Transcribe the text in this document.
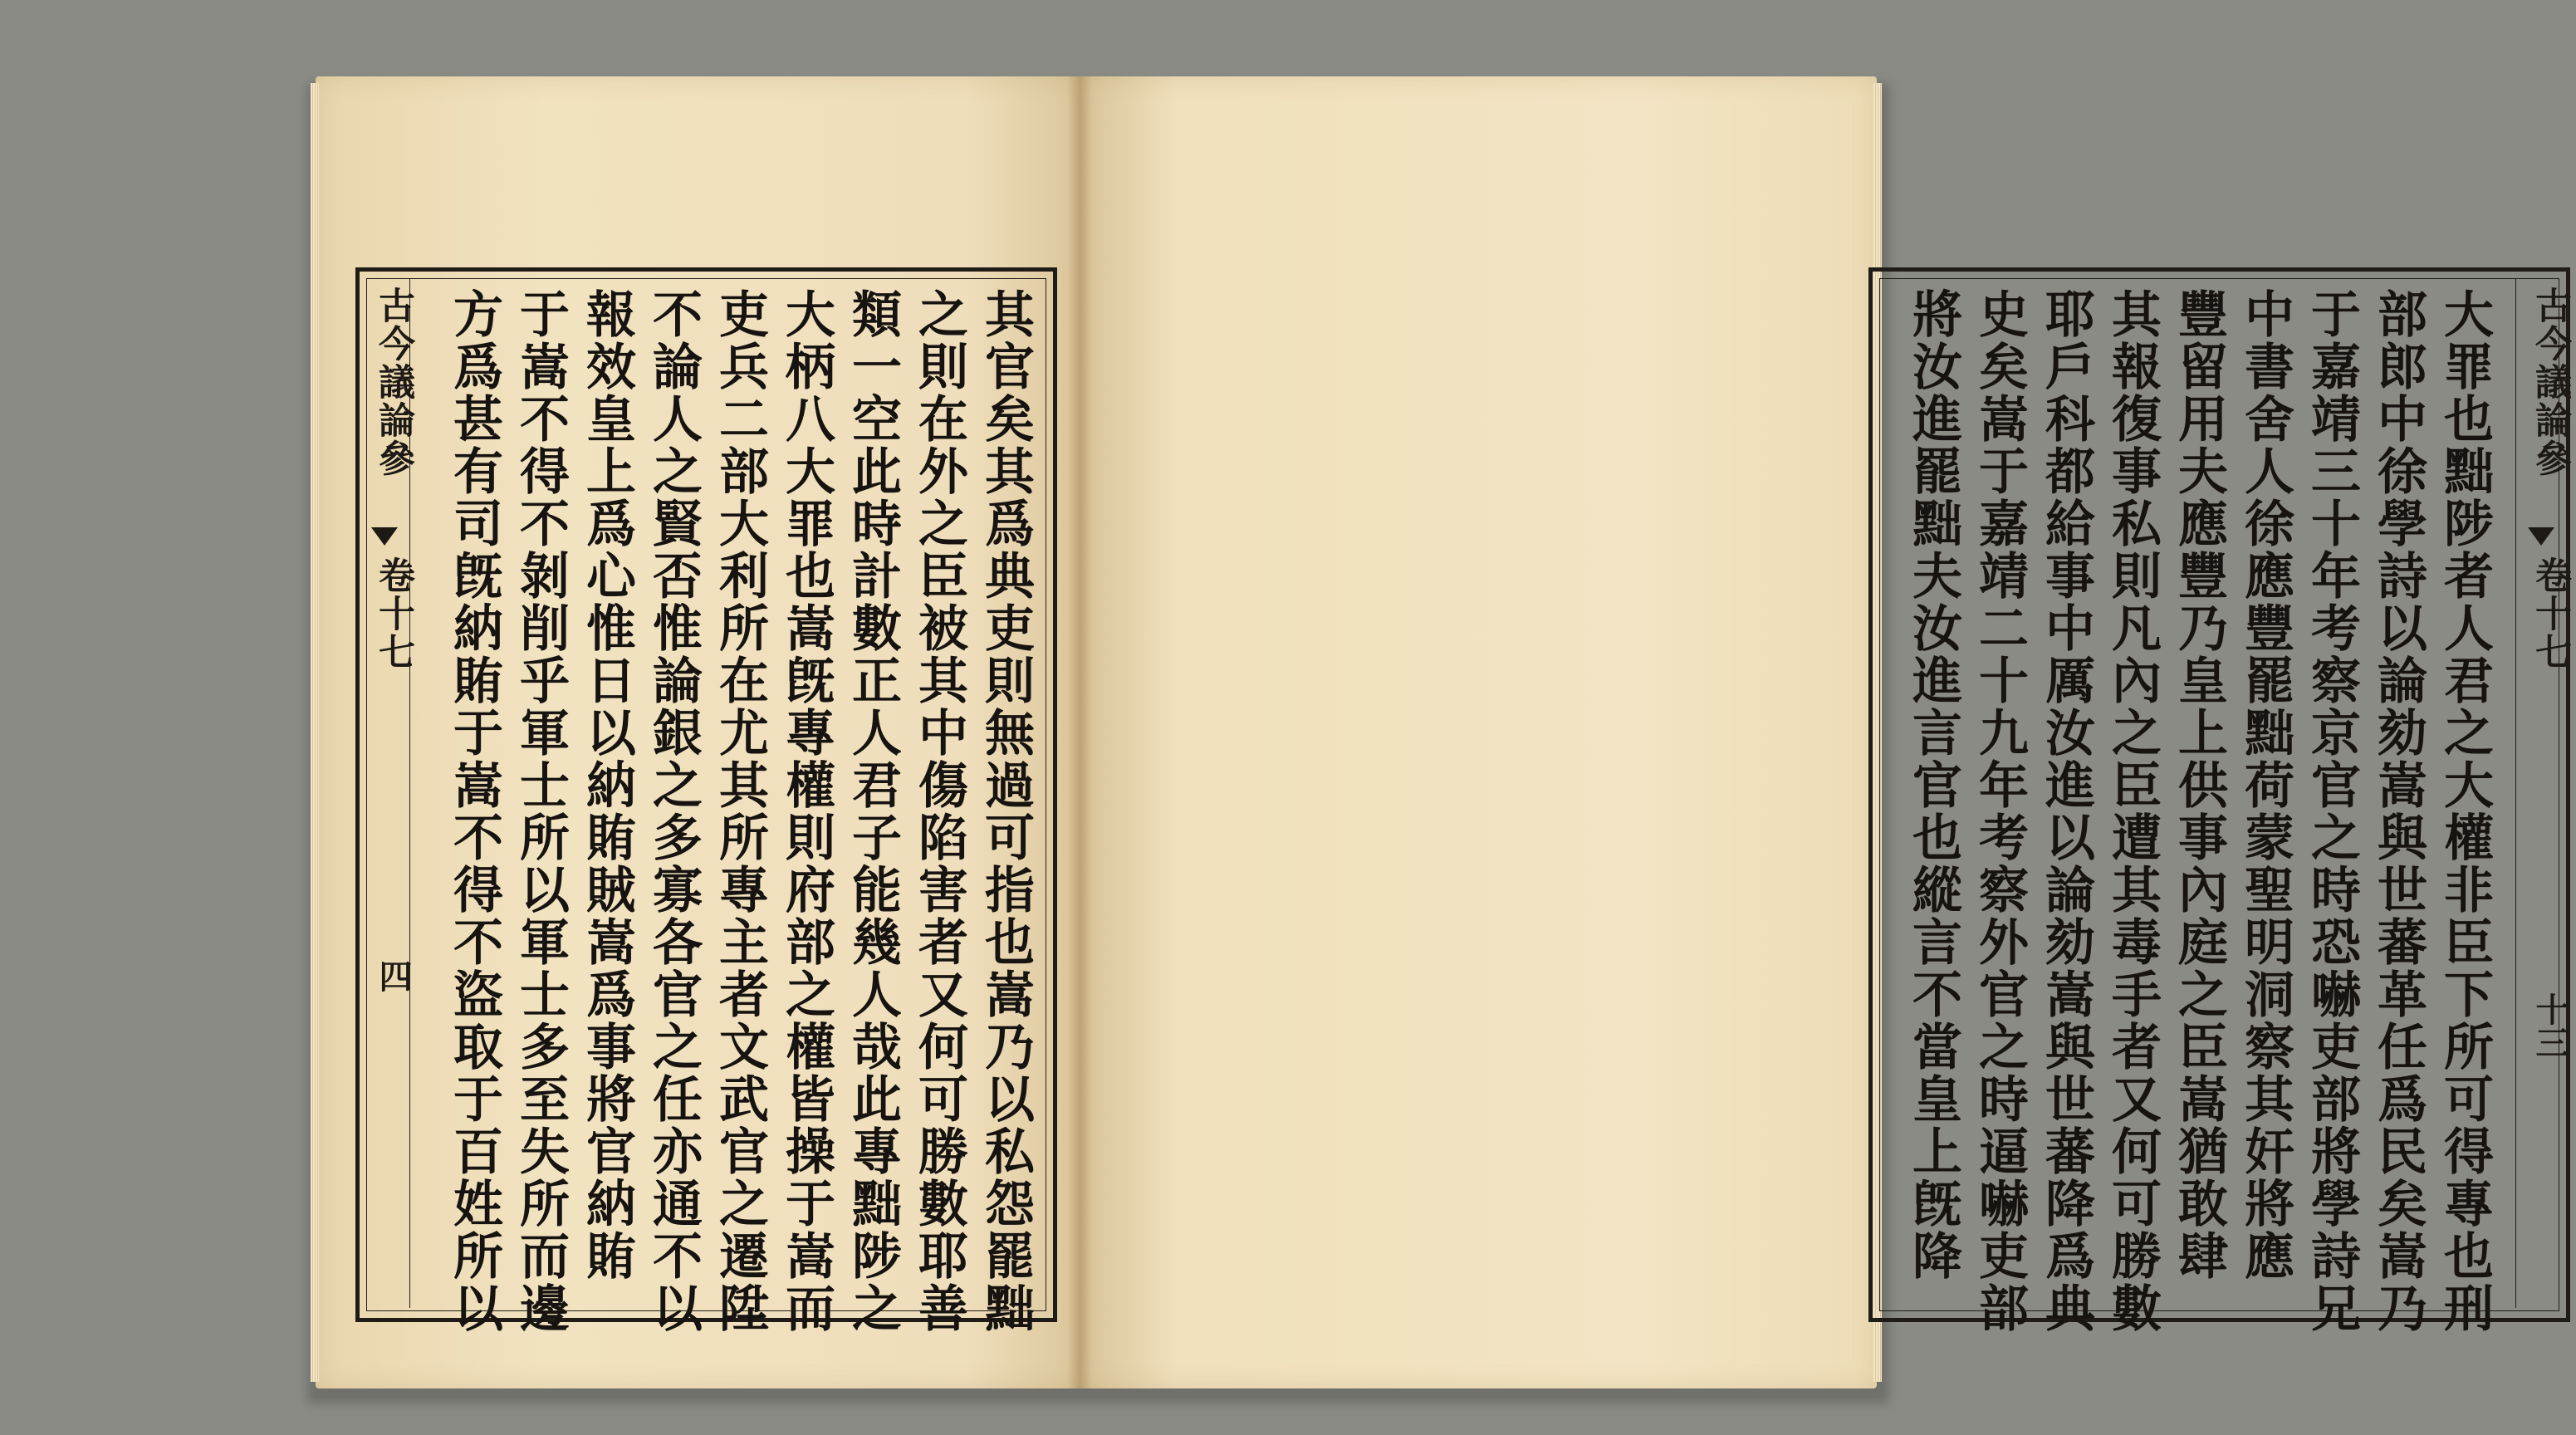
古今議論參
卷十七
四	其官矣其爲典吏則無過可指也嵩乃以私怨罷黜
之則在外之臣被其中傷陷害者又何可勝數耶善
類一空此時計數正人君子能幾人哉此專黜陟之
大柄八大罪也嵩旣專權則府部之權皆操于嵩而
吏兵二部大利所在尤其所專主者文武官之遷陞
不論人之賢否惟論銀之多寡各官之任亦通不以
報效皇上爲心惟日以納賄賊嵩爲事將官納賄
于嵩不得不剝削乎軍士所以軍士多至失所而邊
方爲甚有司旣納賄于嵩不得不盜取于百姓所以	古今議論參
卷十七
十三
大罪也黜陟者人君之大權非臣下所可得專也刑
部郎中徐學詩以論劾嵩與世蕃革任爲民矣嵩乃
于嘉靖三十年考察京官之時恐嚇吏部將學詩兄
中書舍人徐應豐罷黜荷蒙聖明洞察其奸將應
豐留用夫應豐乃皇上供事內庭之臣嵩猶敢肆
其報復事私則凡內之臣遭其毒手者又何可勝數
耶戶科都給事中厲汝進以論劾嵩與世蕃降爲典
史矣嵩于嘉靖二十九年考察外官之時逼嚇吏部
將汝進罷黜夫汝進言官也縱言不當皇上旣降
